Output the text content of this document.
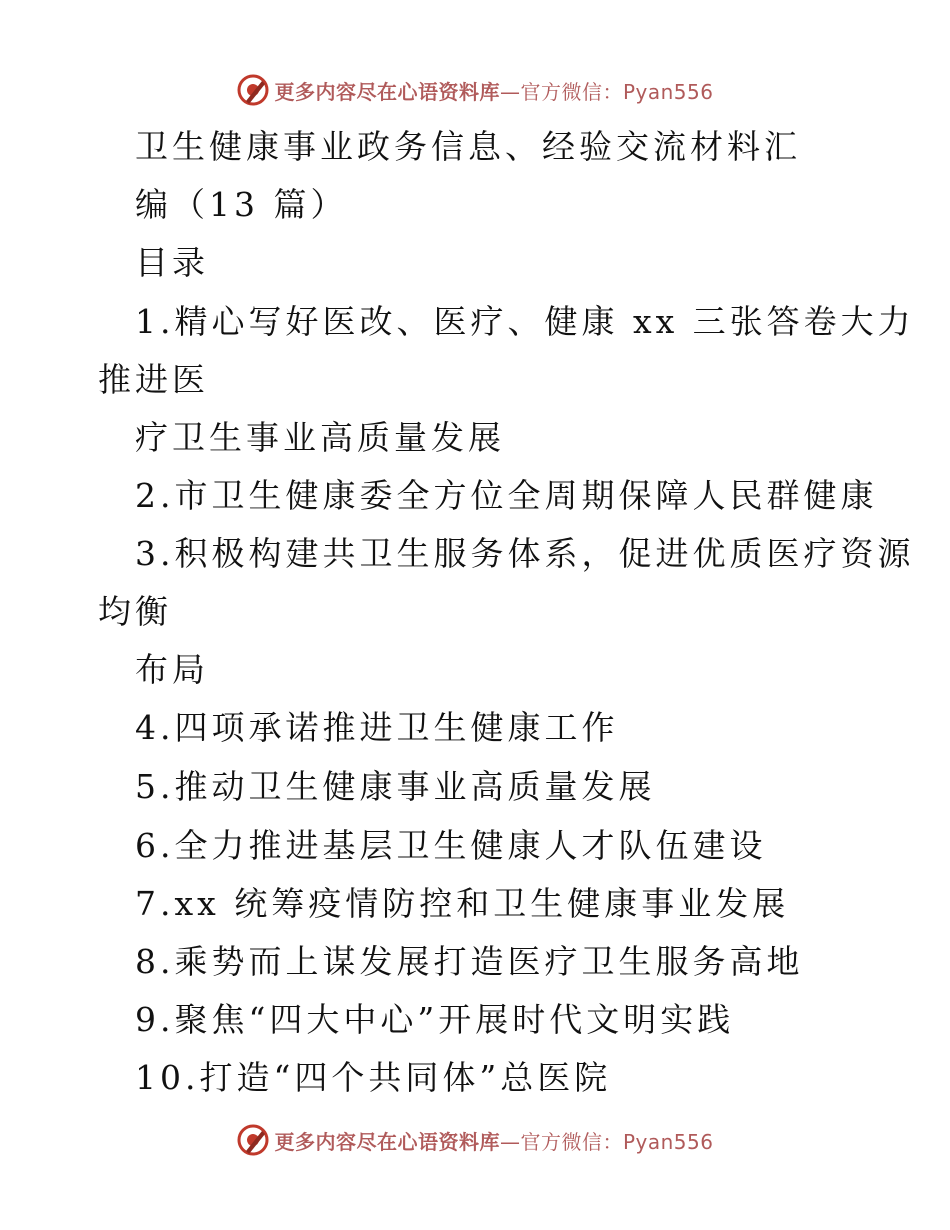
更多内容尽在心语资料库—官方微信：Pyan556
卫生健康事业政务信息、经验交流材料汇
编（13 篇）
目录
1.精心写好医改、医疗、健康 xx 三张答卷大力
推进医
疗卫生事业高质量发展
2.市卫生健康委全方位全周期保障人民群健康
3.积极构建共卫生服务体系，促进优质医疗资源
均衡
布局
4.四项承诺推进卫生健康工作
5.推动卫生健康事业高质量发展
6.全力推进基层卫生健康人才队伍建设
7.xx 统筹疫情防控和卫生健康事业发展
8.乘势而上谋发展打造医疗卫生服务高地
9.聚焦“四大中心”开展时代文明实践
10.打造“四个共同体”总医院
更多内容尽在心语资料库—官方微信：Pyan556
